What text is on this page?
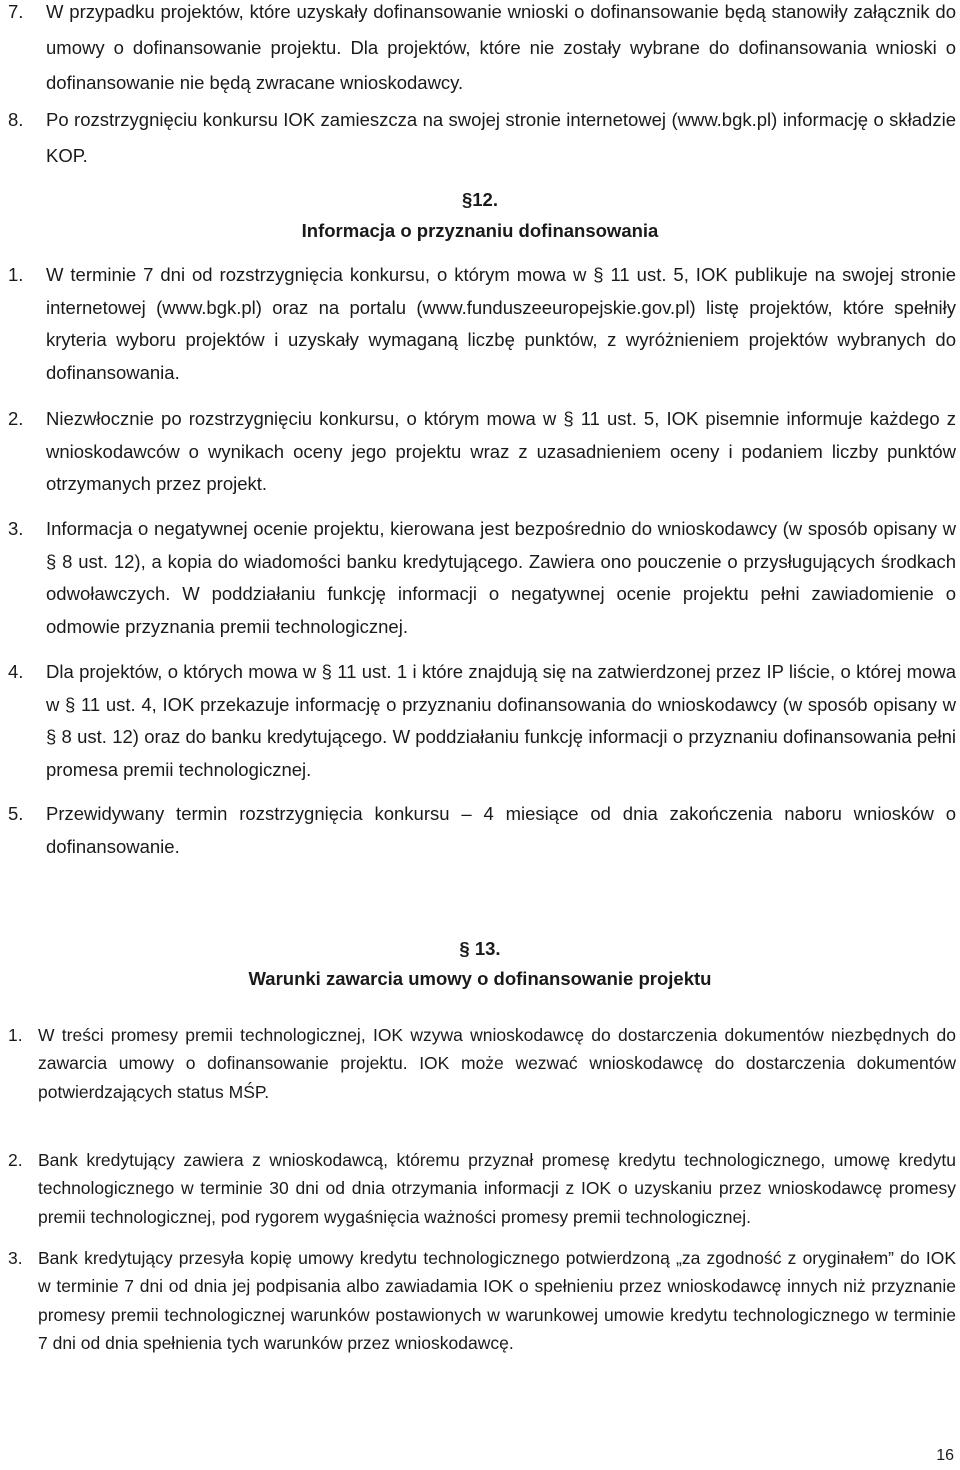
7. W przypadku projektów, które uzyskały dofinansowanie wnioski o dofinansowanie będą stanowiły załącznik do umowy o dofinansowanie projektu. Dla projektów, które nie zostały wybrane do dofinansowania wnioski o dofinansowanie nie będą zwracane wnioskodawcy.
8. Po rozstrzygnięciu konkursu IOK zamieszcza na swojej stronie internetowej (www.bgk.pl) informację o składzie KOP.
§12.
Informacja o przyznaniu dofinansowania
1. W terminie 7 dni od rozstrzygnięcia konkursu, o którym mowa w § 11 ust. 5, IOK publikuje na swojej stronie internetowej (www.bgk.pl) oraz na portalu (www.funduszeeuropejskie.gov.pl) listę projektów, które spełniły kryteria wyboru projektów i uzyskały wymaganą liczbę punktów, z wyróżnieniem projektów wybranych do dofinansowania.
2. Niezwłocznie po rozstrzygnięciu konkursu, o którym mowa w § 11 ust. 5, IOK pisemnie informuje każdego z wnioskodawców o wynikach oceny jego projektu wraz z uzasadnieniem oceny i podaniem liczby punktów otrzymanych przez projekt.
3. Informacja o negatywnej ocenie projektu, kierowana jest bezpośrednio do wnioskodawcy (w sposób opisany w § 8 ust. 12), a kopia do wiadomości banku kredytującego. Zawiera ono pouczenie o przysługujących środkach odwoławczych. W poddziałaniu funkcję informacji o negatywnej ocenie projektu pełni zawiadomienie o odmowie przyznania premii technologicznej.
4. Dla projektów, o których mowa w § 11 ust. 1 i które znajdują się na zatwierdzonej przez IP liście, o której mowa w § 11 ust. 4, IOK przekazuje informację o przyznaniu dofinansowania do wnioskodawcy (w sposób opisany w § 8 ust. 12) oraz do banku kredytującego. W poddziałaniu funkcję informacji o przyznaniu dofinansowania pełni promesa premii technologicznej.
5. Przewidywany termin rozstrzygnięcia konkursu – 4 miesiące od dnia zakończenia naboru wniosków o dofinansowanie.
§ 13.
Warunki zawarcia umowy o dofinansowanie projektu
1. W treści promesy premii technologicznej, IOK wzywa wnioskodawcę do dostarczenia dokumentów niezbędnych do zawarcia umowy o dofinansowanie projektu. IOK może wezwać wnioskodawcę do dostarczenia dokumentów potwierdzających status MŚP.
2. Bank kredytujący zawiera z wnioskodawcą, któremu przyznał promesę kredytu technologicznego, umowę kredytu technologicznego w terminie 30 dni od dnia otrzymania informacji z IOK o uzyskaniu przez wnioskodawcę promesy premii technologicznej, pod rygorem wygaśnięcia ważności promesy premii technologicznej.
3. Bank kredytujący przesyła kopię umowy kredytu technologicznego potwierdzoną „za zgodność z oryginałem” do IOK w terminie 7 dni od dnia jej podpisania albo zawiadamia IOK o spełnieniu przez wnioskodawcę innych niż przyznanie promesy premii technologicznej warunków postawionych w warunkowej umowie kredytu technologicznego w terminie 7 dni od dnia spełnienia tych warunków przez wnioskodawcę.
16
